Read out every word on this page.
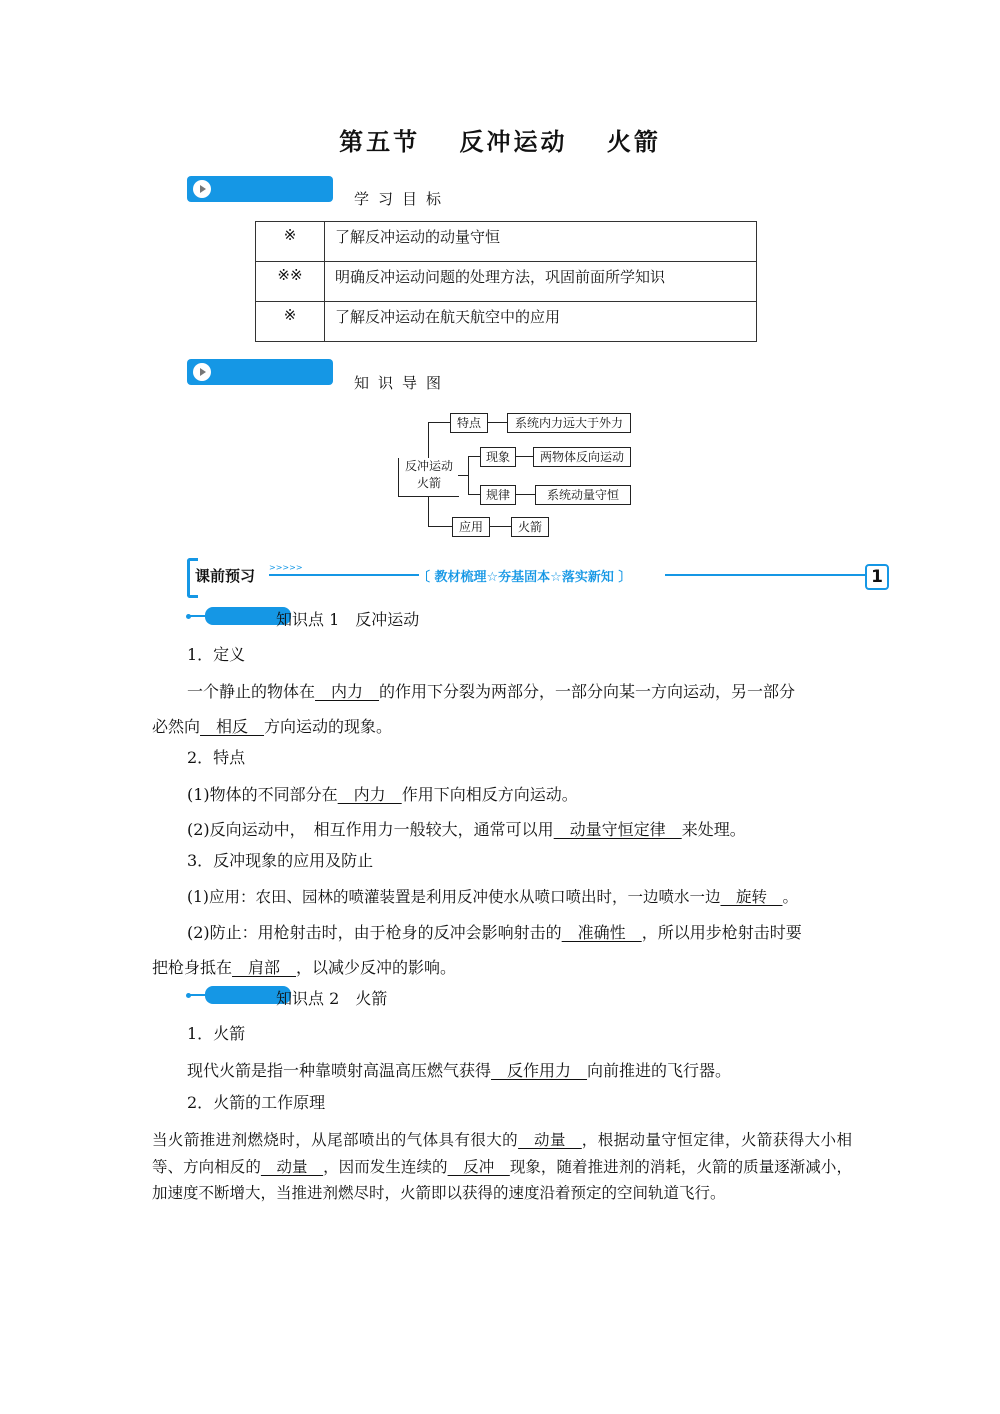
第五节 反冲运动 火箭
学习目标
※	了解反冲运动的动量守恒
※※	明确反冲运动问题的处理方法，巩固前面所学知识
※	了解反冲运动在航天航空中的应用
知识导图
反冲运动
火箭
特点	系统内力远大于外力
现象	两物体反向运动
规律	系统动量守恒
应用	火箭
课前预习 >>>>>
〔 教材梳理☆夯基固本☆落实新知 〕	1
知识点 1　反冲运动
1．定义
一个静止的物体在　内力　的作用下分裂为两部分，一部分向某一方向运动，另一部分
必然向　相反　方向运动的现象。
2．特点
(1)物体的不同部分在　内力　作用下向相反方向运动。
(2)反向运动中，　相互作用力一般较大，通常可以用　动量守恒定律　来处理。
3．反冲现象的应用及防止
(1)应用：农田、园林的喷灌装置是利用反冲使水从喷口喷出时，一边喷水一边　旋转　。
(2)防止：用枪射击时，由于枪身的反冲会影响射击的　准确性　，所以用步枪射击时要
把枪身抵在　肩部　，以减少反冲的影响。
知识点 2　火箭
1．火箭
现代火箭是指一种靠喷射高温高压燃气获得　反作用力　向前推进的飞行器。
2．火箭的工作原理
当火箭推进剂燃烧时，从尾部喷出的气体具有很大的　动量　，根据动量守恒定律，火箭获得大小相等、方向相反的　动量　，因而发生连续的　反冲　现象，随着推进剂的消耗，火箭的质量逐渐减小，加速度不断增大，当推进剂燃尽时，火箭即以获得的速度沿着预定的空间轨道飞行。
